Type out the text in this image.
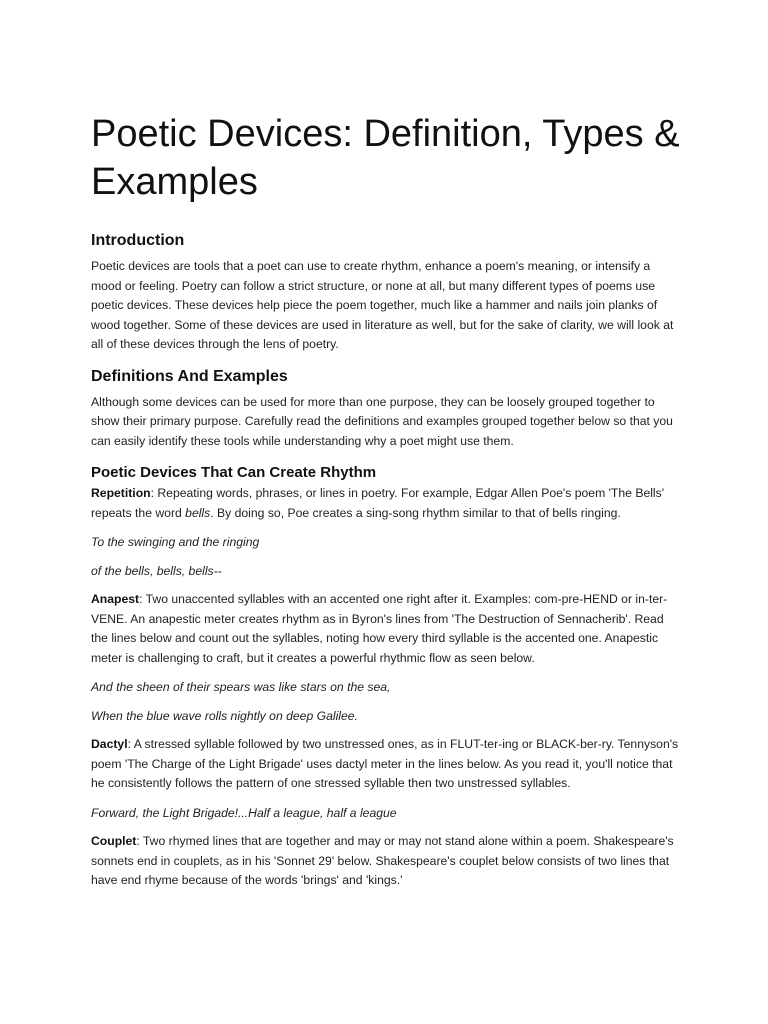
Poetic Devices: Definition, Types & Examples
Introduction

Poetic devices are tools that a poet can use to create rhythm, enhance a poem's meaning, or intensify a mood or feeling. Poetry can follow a strict structure, or none at all, but many different types of poems use poetic devices. These devices help piece the poem together, much like a hammer and nails join planks of wood together. Some of these devices are used in literature as well, but for the sake of clarity, we will look at all of these devices through the lens of poetry.

Definitions And Examples

Although some devices can be used for more than one purpose, they can be loosely grouped together to show their primary purpose. Carefully read the definitions and examples grouped together below so that you can easily identify these tools while understanding why a poet might use them.

Poetic Devices That Can Create Rhythm

Repetition: Repeating words, phrases, or lines in poetry. For example, Edgar Allen Poe's poem 'The Bells' repeats the word bells. By doing so, Poe creates a sing-song rhythm similar to that of bells ringing.

To the swinging and the ringing

of the bells, bells, bells--

Anapest: Two unaccented syllables with an accented one right after it. Examples: com-pre-HEND or in-ter-VENE. An anapestic meter creates rhythm as in Byron's lines from 'The Destruction of Sennacherib'. Read the lines below and count out the syllables, noting how every third syllable is the accented one. Anapestic meter is challenging to craft, but it creates a powerful rhythmic flow as seen below.

And the sheen of their spears was like stars on the sea,

When the blue wave rolls nightly on deep Galilee.

Dactyl: A stressed syllable followed by two unstressed ones, as in FLUT-ter-ing or BLACK-ber-ry. Tennyson's poem 'The Charge of the Light Brigade' uses dactyl meter in the lines below. As you read it, you'll notice that he consistently follows the pattern of one stressed syllable then two unstressed syllables.

Forward, the Light Brigade!...Half a league, half a league

Couplet: Two rhymed lines that are together and may or may not stand alone within a poem. Shakespeare's sonnets end in couplets, as in his 'Sonnet 29' below. Shakespeare's couplet below consists of two lines that have end rhyme because of the words 'brings' and 'kings.'
